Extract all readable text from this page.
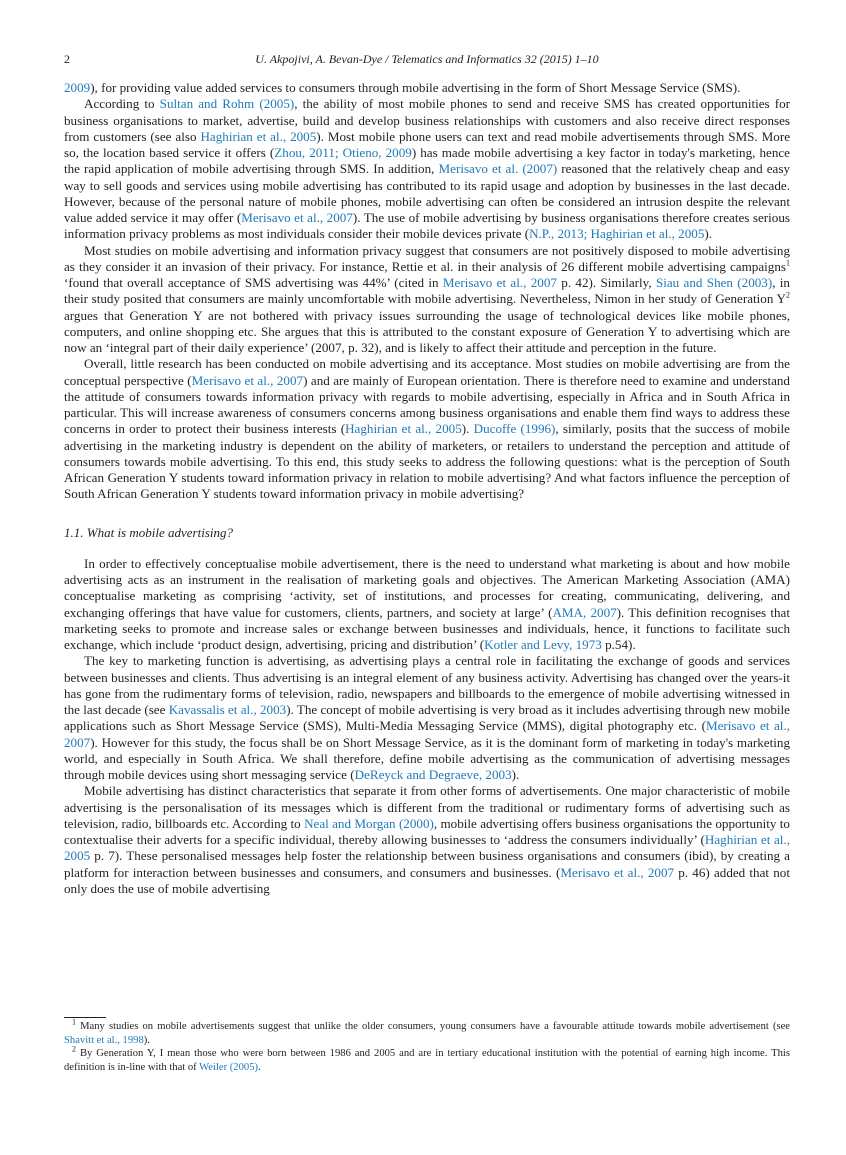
2	U. Akpojivi, A. Bevan-Dye / Telematics and Informatics 32 (2015) 1–10

2009), for providing value added services to consumers through mobile advertising in the form of Short Message Service (SMS).

According to Sultan and Rohm (2005), the ability of most mobile phones to send and receive SMS has created opportunities for business organisations to market, advertise, build and develop business relationships with customers and also receive direct responses from customers (see also Haghirian et al., 2005). Most mobile phone users can text and read mobile advertisements through SMS. More so, the location based service it offers (Zhou, 2011; Otieno, 2009) has made mobile advertising a key factor in today's marketing, hence the rapid application of mobile advertising through SMS. In addition, Merisavo et al. (2007) reasoned that the relatively cheap and easy way to sell goods and services using mobile advertising has contributed to its rapid usage and adoption by businesses in the last decade. However, because of the personal nature of mobile phones, mobile advertising can often be considered an intrusion despite the relevant value added service it may offer (Merisavo et al., 2007). The use of mobile advertising by business organisations therefore creates serious information privacy problems as most individuals consider their mobile devices private (N.P., 2013; Haghirian et al., 2005).

Most studies on mobile advertising and information privacy suggest that consumers are not positively disposed to mobile advertising as they consider it an invasion of their privacy. For instance, Rettie et al. in their analysis of 26 different mobile advertising campaigns$^1$ ‘found that overall acceptance of SMS advertising was 44%’ (cited in Merisavo et al., 2007 p. 42). Similarly, Siau and Shen (2003), in their study posited that consumers are mainly uncomfortable with mobile advertising. Nevertheless, Nimon in her study of Generation $Y^2$ argues that Generation Y are not bothered with privacy issues surrounding the usage of technological devices like mobile phones, computers, and online shopping etc. She argues that this is attributed to the constant exposure of Generation Y to advertising which are now an ‘integral part of their daily experience’ (2007, p. 32), and is likely to affect their attitude and perception in the future.

Overall, little research has been conducted on mobile advertising and its acceptance. Most studies on mobile advertising are from the conceptual perspective (Merisavo et al., 2007) and are mainly of European orientation. There is therefore need to examine and understand the attitude of consumers towards information privacy with regards to mobile advertising, especially in Africa and in South Africa in particular. This will increase awareness of consumers concerns among business organisations and enable them find ways to address these concerns in order to protect their business interests (Haghirian et al., 2005). Ducoffe (1996), similarly, posits that the success of mobile advertising in the marketing industry is dependent on the ability of marketers, or retailers to understand the perception and attitude of consumers towards mobile advertising. To this end, this study seeks to address the following questions: what is the perception of South African Generation Y students toward information privacy in relation to mobile advertising? And what factors influence the perception of South African Generation Y students toward information privacy in mobile advertising?

1.1. What is mobile advertising?

In order to effectively conceptualise mobile advertisement, there is the need to understand what marketing is about and how mobile advertising acts as an instrument in the realisation of marketing goals and objectives. The American Marketing Association (AMA) conceptualise marketing as comprising ‘activity, set of institutions, and processes for creating, communicating, delivering, and exchanging offerings that have value for customers, clients, partners, and society at large’ (AMA, 2007). This definition recognises that marketing seeks to promote and increase sales or exchange between businesses and individuals, hence, it functions to facilitate such exchange, which include ‘product design, advertising, pricing and distribution’ (Kotler and Levy, 1973 p.54).

The key to marketing function is advertising, as advertising plays a central role in facilitating the exchange of goods and services between businesses and clients. Thus advertising is an integral element of any business activity. Advertising has changed over the years-it has gone from the rudimentary forms of television, radio, newspapers and billboards to the emergence of mobile advertising witnessed in the last decade (see Kavassalis et al., 2003). The concept of mobile advertising is very broad as it includes advertising through new mobile applications such as Short Message Service (SMS), Multi-Media Messaging Service (MMS), digital photography etc. (Merisavo et al., 2007). However for this study, the focus shall be on Short Message Service, as it is the dominant form of marketing in today's marketing world, and especially in South Africa. We shall therefore, define mobile advertising as the communication of advertising messages through mobile devices using short messaging service (DeReyck and Degraeve, 2003).

Mobile advertising has distinct characteristics that separate it from other forms of advertisements. One major characteristic of mobile advertising is the personalisation of its messages which is different from the traditional or rudimentary forms of advertising such as television, radio, billboards etc. According to Neal and Morgan (2000), mobile advertising offers business organisations the opportunity to contextualise their adverts for a specific individual, thereby allowing businesses to ‘address the consumers individually’ (Haghirian et al., 2005 p. 7). These personalised messages help foster the relationship between business organisations and consumers (ibid), by creating a platform for interaction between businesses and consumers, and consumers and businesses. (Merisavo et al., 2007 p. 46) added that not only does the use of mobile advertising

$^1$ Many studies on mobile advertisements suggest that unlike the older consumers, young consumers have a favourable attitude towards mobile advertisement (see Shavitt et al., 1998).

$^2$ By Generation Y, I mean those who were born between 1986 and 2005 and are in tertiary educational institution with the potential of earning high income. This definition is in-line with that of Weiler (2005).
